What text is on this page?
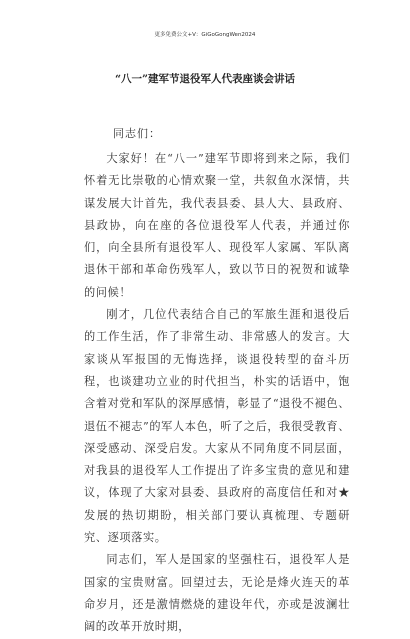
更多免费公文+V：GiGoGongWen2024
“八一”建军节退役军人代表座谈会讲话
同志们：

大家好！在“八一”建军节即将到来之际，我们怀着无比崇敬的心情欢聚一堂，共叙鱼水深情，共谋发展大计首先，我代表县委、县人大、县政府、县政协，向在座的各位退役军人代表，并通过你们，向全县所有退役军人、现役军人家属、军队离退休干部和革命伤残军人，致以节日的祝贺和诚挚的问候！

刚才，几位代表结合自己的军旅生涯和退役后的工作生活，作了非常生动、非常感人的发言。大家谈从军报国的无悔选择，谈退役转型的奋斗历程，也谈建功立业的时代担当，朴实的话语中，饱含着对党和军队的深厚感情，彰显了“退役不褪色、退伍不褪志”的军人本色，听了之后，我很受教育、深受感动、深受启发。大家从不同角度不同层面，对我县的退役军人工作提出了许多宝贵的意见和建议，体现了大家对县委、县政府的高度信任和对★发展的热切期盼，相关部门要认真梳理、专题研究、逐项落实。

同志们，军人是国家的坚强柱石，退役军人是国家的宝贵财富。回望过去，无论是烽火连天的革命岁月，还是激情燃烧的建设年代，亦或是波澜壮阔的改革开放时期，
